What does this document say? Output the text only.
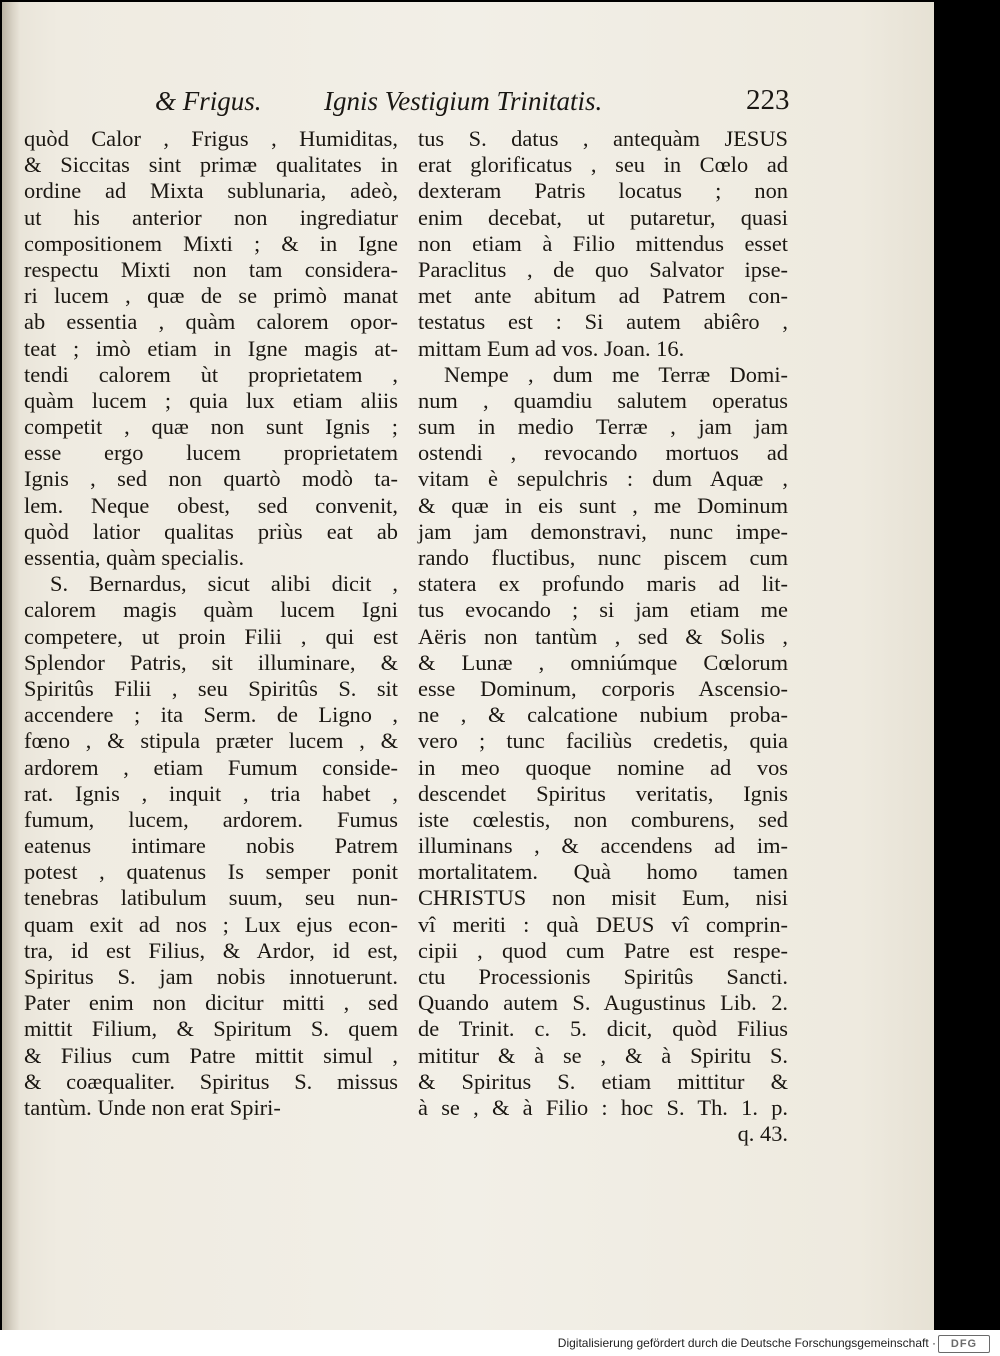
& Frigus. Ignis Vestigium Trinitatis.	223
quòd Calor , Frigus , Humiditas,
& Siccitas sint primæ qualitates in
ordine ad Mixta sublunaria, adeò,
ut his anterior non ingrediatur
compositionem Mixti ; & in Igne
respectu Mixti non tam considera-
ri lucem , quæ de se primò manat
ab essentia , quàm calorem opor-
teat ; imò etiam in Igne magis at-
tendi calorem ùt proprietatem ,
quàm lucem ; quia lux etiam aliis
competit , quæ non sunt Ignis ;
esse ergo lucem proprietatem
Ignis , sed non quartò modò ta-
lem. Neque obest, sed convenit,
quòd latior qualitas priùs eat ab
essentia, quàm specialis.
S. Bernardus, sicut alibi dicit ,
calorem magis quàm lucem Igni
competere, ut proin Filii , qui est
Splendor Patris, sit illuminare, &
Spiritûs Filii , seu Spiritûs S. sit
accendere ; ita Serm. de Ligno ,
fœno , & stipula præter lucem , &
ardorem , etiam Fumum conside-
rat. Ignis , inquit , tria habet ,
fumum, lucem, ardorem. Fumus
eatenus intimare nobis Patrem
potest , quatenus Is semper ponit
tenebras latibulum suum, seu nun-
quam exit ad nos ; Lux ejus econ-
tra, id est Filius, & Ardor, id est,
Spiritus S. jam nobis innotuerunt.
Pater enim non dicitur mitti , sed
mittit Filium, & Spiritum S. quem
& Filius cum Patre mittit simul ,
& coæqualiter. Spiritus S. missus
tantùm. Unde non erat Spiri-
tus S. datus , antequàm JESUS
erat glorificatus , seu in Cœlo ad
dexteram Patris locatus ; non
enim decebat, ut putaretur, quasi
non etiam à Filio mittendus esset
Paraclitus , de quo Salvator ipse-
met ante abitum ad Patrem con-
testatus est : Si autem abiêro ,
mittam Eum ad vos. Joan. 16.
Nempe , dum me Terræ Domi-
num , quamdiu salutem operatus
sum in medio Terræ , jam jam
ostendi , revocando mortuos ad
vitam è sepulchris : dum Aquæ ,
& quæ in eis sunt , me Dominum
jam jam demonstravi, nunc impe-
rando fluctibus, nunc piscem cum
statera ex profundo maris ad lit-
tus evocando ; si jam etiam me
Aëris non tantùm , sed & Solis ,
& Lunæ , omniúmque Cœlorum
esse Dominum, corporis Ascensio-
ne , & calcatione nubium proba-
vero ; tunc faciliùs credetis, quia
in meo quoque nomine ad vos
descendet Spiritus veritatis, Ignis
iste cœlestis, non comburens, sed
illuminans , & accendens ad im-
mortalitatem. Quà homo tamen
CHRISTUS non misit Eum, nisi
vî meriti : quà DEUS vî comprin-
cipii , quod cum Patre est respe-
ctu Processionis Spiritûs Sancti.
Quando autem S. Augustinus Lib. 2.
de Trinit. c. 5. dicit, quòd Filius
mititur & à se , & à Spiritu S.
& Spiritus S. etiam mittitur &
à se , & à Filio : hoc S. Th. 1. p.
q. 43.
Digitalisierung gefördert durch die Deutsche Forschungsgemeinschaft ·	DFG
